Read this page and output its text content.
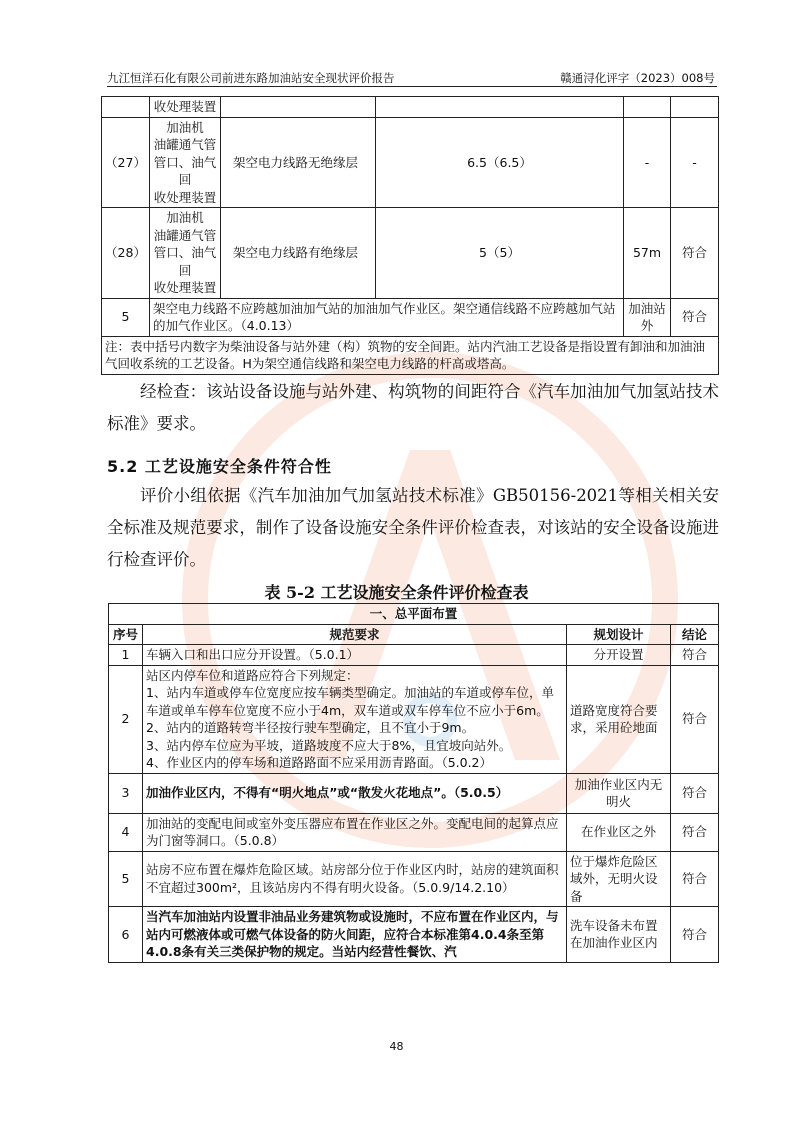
九江恒洋石化有限公司前进东路加油站安全现状评价报告	赣通浔化评字（2023）008号
	收处理装置				
（27）	加油机
油罐通气管
管口、油气回
收处理装置	架空电力线路无绝缘层	6.5（6.5）	-	-
（28）	加油机
油罐通气管
管口、油气回
收处理装置	架空电力线路有绝缘层	5（5）	57m	符合
5	架空电力线路不应跨越加油加气站的加油加气作业区。架空通信线路不应跨越加气站的加气作业区。（4.0.13）			加油站外	符合
注：表中括号内数字为柴油设备与站外建（构）筑物的安全间距。站内汽油工艺设备是指设置有卸油和加油油气回收系统的工艺设备。H为架空通信线路和架空电力线路的杆高或塔高。					
经检查：该站设备设施与站外建、构筑物的间距符合《汽车加油加气加氢站技术标准》要求。
5.2 工艺设施安全条件符合性
评价小组依据《汽车加油加气加氢站技术标准》GB50156-2021等相关相关安全标准及规范要求，制作了设备设施安全条件评价检查表，对该站的安全设备设施进行检查评价。
表 5-2 工艺设施安全条件评价检查表
一、总平面布置			
序号	规范要求	规划设计	结论
1	车辆入口和出口应分开设置。（5.0.1）	分开设置	符合
2	站区内停车位和道路应符合下列规定：
1、站内车道或停车位宽度应按车辆类型确定。加油站的车道或停车位，单车道或单车停车位宽度不应小于4m，双车道或双车停车位不应小于6m。
2、站内的道路转弯半径按行驶车型确定，且不宜小于9m。
3、站内停车位应为平坡，道路坡度不应大于8%，且宜坡向站外。
4、作业区内的停车场和道路路面不应采用沥青路面。（5.0.2）	道路宽度符合要求，采用砼地面	符合
3	加油作业区内，不得有“明火地点”或“散发火花地点”。（5.0.5）	加油作业区内无明火	符合
4	加油站的变配电间或室外变压器应布置在作业区之外。变配电间的起算点应为门窗等洞口。（5.0.8）	在作业区之外	符合
5	站房不应布置在爆炸危险区域。站房部分位于作业区内时，站房的建筑面积不宜超过300m²，且该站房内不得有明火设备。（5.0.9/14.2.10）	位于爆炸危险区域外，无明火设备	符合
6	当汽车加油站内设置非油品业务建筑物或设施时，不应布置在作业区内，与站内可燃液体或可燃气体设备的防火间距，应符合本标准第4.0.4条至第4.0.8条有关三类保护物的规定。当站内经营性餐饮、汽	洗车设备未布置在加油作业区内	符合
48
